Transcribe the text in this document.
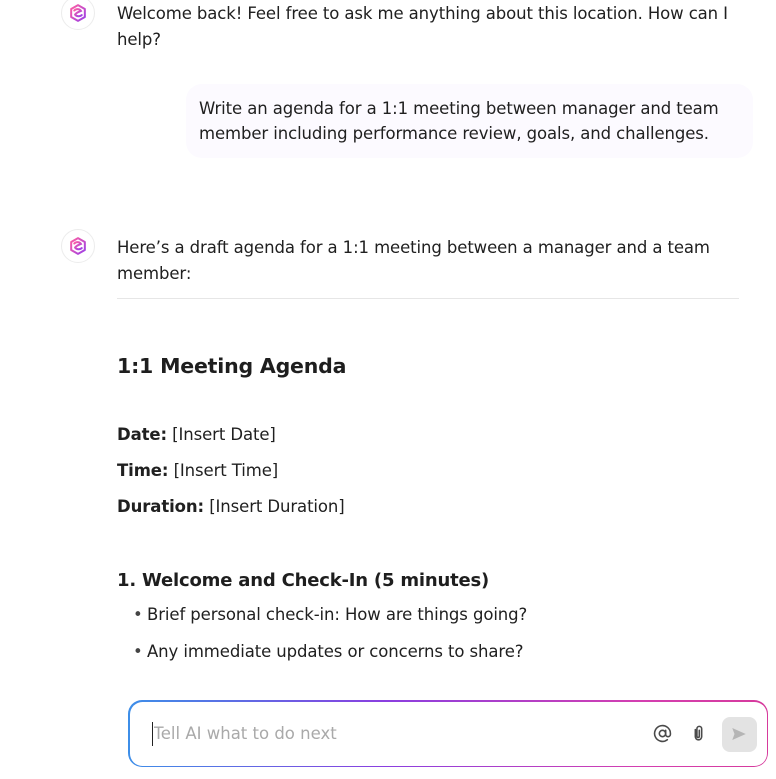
Welcome back! Feel free to ask me anything about this location. How can I help?
Write an agenda for a 1:1 meeting between manager and team
member including performance review, goals, and challenges.
Here’s a draft agenda for a 1:1 meeting between a manager and a team
member:
1:1 Meeting Agenda
Date: [Insert Date]
Time: [Insert Time]
Duration: [Insert Duration]
1. Welcome and Check-In (5 minutes)
• Brief personal check-in: How are things going?
• Any immediate updates or concerns to share?
Tell AI what to do next
